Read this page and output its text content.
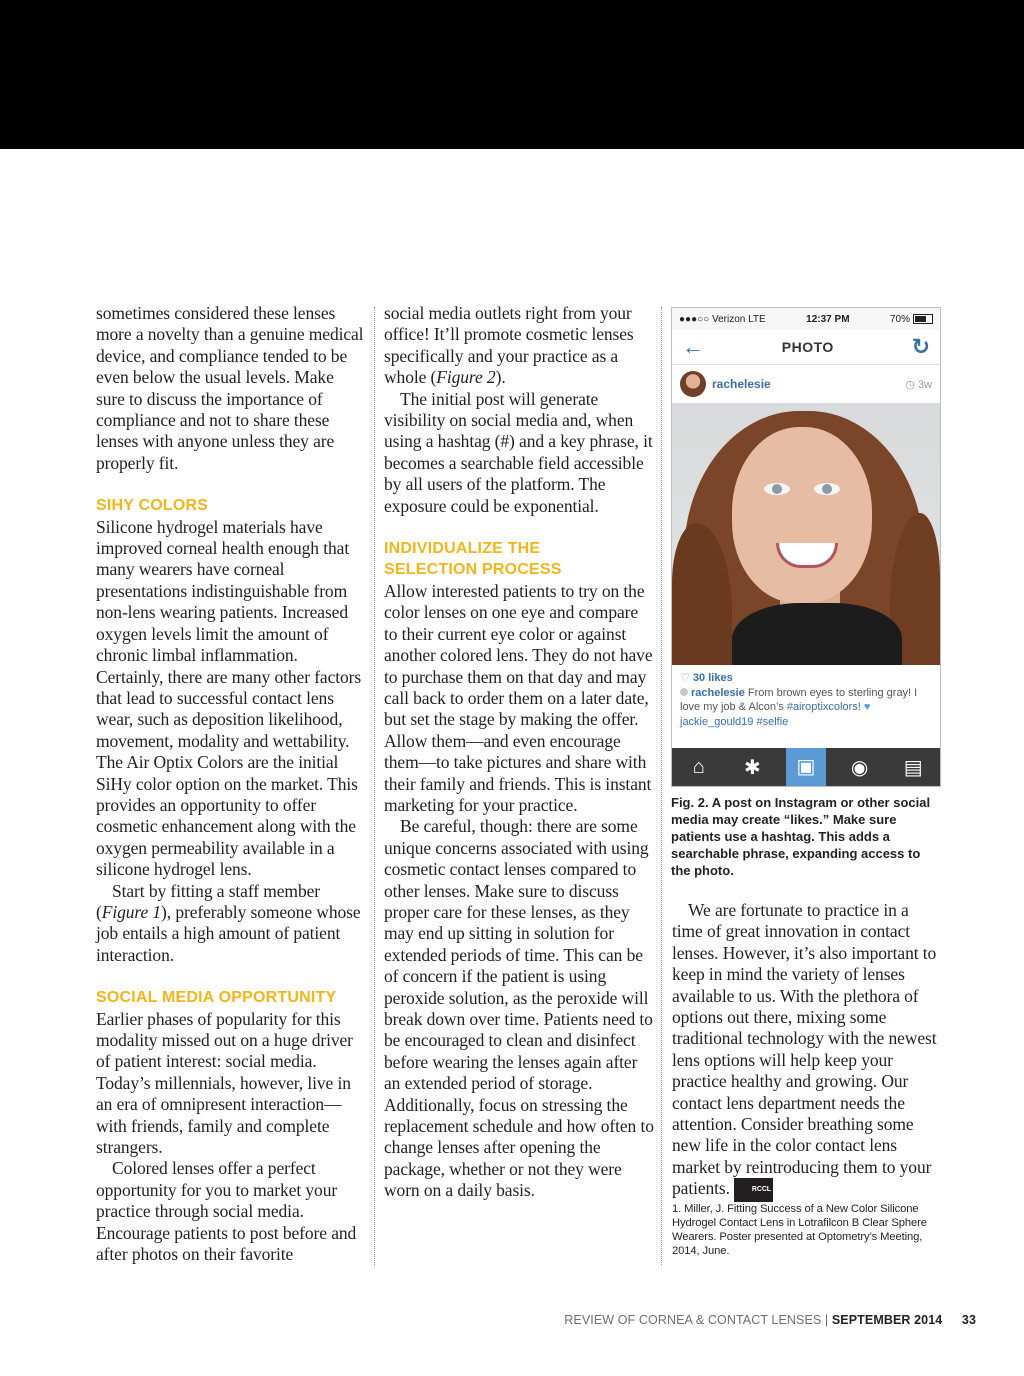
sometimes considered these lenses more a novelty than a genuine medical device, and compliance tended to be even below the usual levels. Make sure to discuss the importance of compliance and not to share these lenses with anyone unless they are properly fit.

SIHY COLORS

Silicone hydrogel materials have improved corneal health enough that many wearers have corneal presentations indistinguishable from non-lens wearing patients. Increased oxygen levels limit the amount of chronic limbal inflammation. Certainly, there are many other factors that lead to successful contact lens wear, such as deposition likelihood, movement, modality and wettability. The Air Optix Colors are the initial SiHy color option on the market. This provides an opportunity to offer cosmetic enhancement along with the oxygen permeability available in a silicone hydrogel lens.

Start by fitting a staff member (Figure 1), preferably someone whose job entails a high amount of patient interaction.

SOCIAL MEDIA OPPORTUNITY

Earlier phases of popularity for this modality missed out on a huge driver of patient interest: social media. Today’s millennials, however, live in an era of omnipresent interaction—with friends, family and complete strangers.

Colored lenses offer a perfect opportunity for you to market your practice through social media. Encourage patients to post before and after photos on their favorite

social media outlets right from your office! It’ll promote cosmetic lenses specifically and your practice as a whole (Figure 2).

The initial post will generate visibility on social media and, when using a hashtag (#) and a key phrase, it becomes a searchable field accessible by all users of the platform. The exposure could be exponential.

INDIVIDUALIZE THE
SELECTION PROCESS

Allow interested patients to try on the color lenses on one eye and compare to their current eye color or against another colored lens. They do not have to purchase them on that day and may call back to order them on a later date, but set the stage by making the offer. Allow them—and even encourage them—to take pictures and share with their family and friends. This is instant marketing for your practice.

Be careful, though: there are some unique concerns associated with using cosmetic contact lenses compared to other lenses. Make sure to discuss proper care for these lenses, as they may end up sitting in solution for extended periods of time. This can be of concern if the patient is using peroxide solution, as the peroxide will break down over time. Patients need to be encouraged to clean and disinfect before wearing the lenses again after an extended period of storage. Additionally, focus on stressing the replacement schedule and how often to change lenses after opening the package, whether or not they were worn on a daily basis.

●●●○○ Verizon LTE	12:37 PM	70%
←	PHOTO	↻
rachelesie	◷ 3w
♡ 30 likes
rachelesie From brown eyes to sterling gray! I love my job & Alcon’s #airoptixcolors! ♥
jackie_gould19 #selfie
⌂	✱	▣	◉	▤
Fig. 2. A post on Instagram or other social media may create “likes.” Make sure patients use a hashtag. This adds a searchable phrase, expanding access to the photo.

We are fortunate to practice in a time of great innovation in contact lenses. However, it’s also important to keep in mind the variety of lenses available to us. With the plethora of options out there, mixing some traditional technology with the newest lens options will help keep your practice healthy and growing. Our contact lens department needs the attention. Consider breathing some new life in the color contact lens market by reintroducing them to your patients.	RCCL

1. Miller, J. Fitting Success of a New Color Silicone Hydrogel Contact Lens in Lotrafilcon B Clear Sphere Wearers. Poster presented at Optometry’s Meeting, 2014, June.

REVIEW OF CORNEA & CONTACT LENSES | SEPTEMBER 2014 33
